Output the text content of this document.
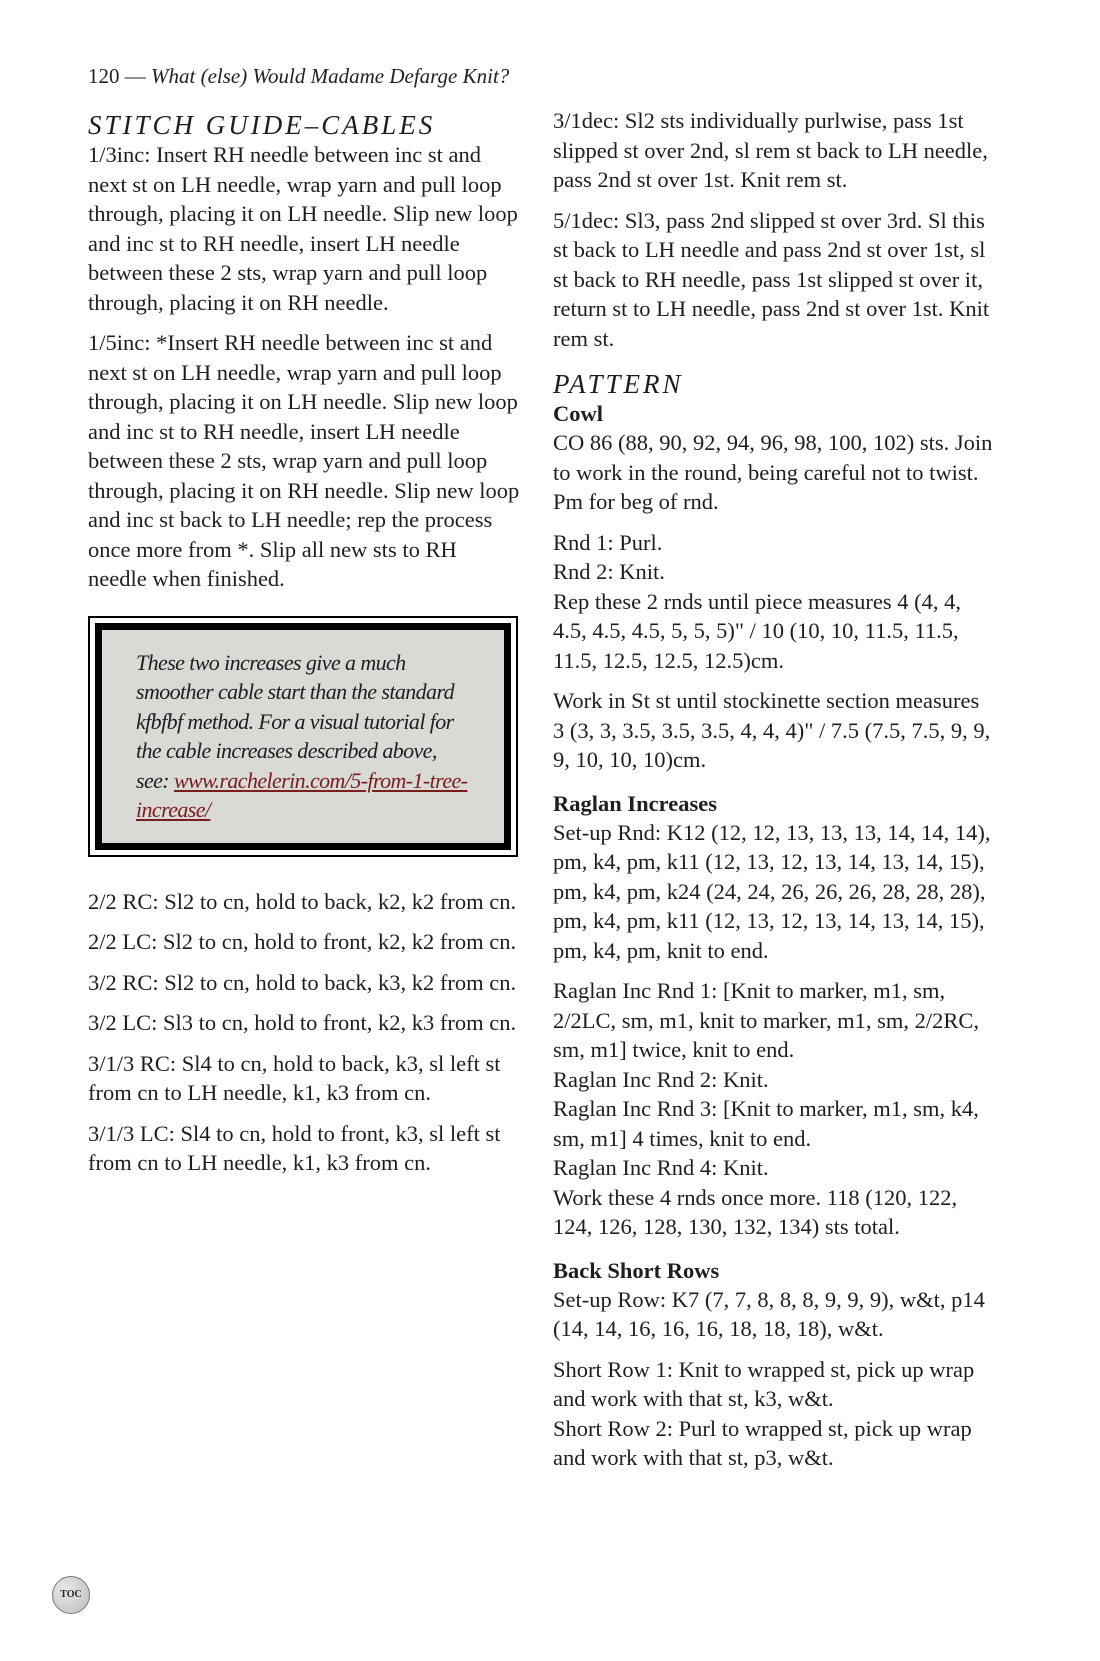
120 — What (else) Would Madame Defarge Knit?
STITCH GUIDE–CABLES

1/3inc: Insert RH needle between inc st and next st on LH needle, wrap yarn and pull loop through, placing it on LH needle. Slip new loop and inc st to RH needle, insert LH needle between these 2 sts, wrap yarn and pull loop through, placing it on RH needle.

1/5inc: *Insert RH needle between inc st and next st on LH needle, wrap yarn and pull loop through, placing it on LH needle. Slip new loop and inc st to RH needle, insert LH needle between these 2 sts, wrap yarn and pull loop through, placing it on RH needle. Slip new loop and inc st back to LH needle; rep the process once more from *. Slip all new sts to RH needle when finished.

These two increases give a much smoother cable start than the standard kfbfbf method. For a visual tutorial for the cable increases described above, see: www.rachelerin.com/5-from-1-tree-increase/

2/2 RC: Sl2 to cn, hold to back, k2, k2 from cn.

2/2 LC: Sl2 to cn, hold to front, k2, k2 from cn.

3/2 RC: Sl2 to cn, hold to back, k3, k2 from cn.

3/2 LC: Sl3 to cn, hold to front, k2, k3 from cn.

3/1/3 RC: Sl4 to cn, hold to back, k3, sl left st from cn to LH needle, k1, k3 from cn.

3/1/3 LC: Sl4 to cn, hold to front, k3, sl left st from cn to LH needle, k1, k3 from cn.

3/1dec: Sl2 sts individually purlwise, pass 1st slipped st over 2nd, sl rem st back to LH needle, pass 2nd st over 1st. Knit rem st.

5/1dec: Sl3, pass 2nd slipped st over 3rd. Sl this st back to LH needle and pass 2nd st over 1st, sl st back to RH needle, pass 1st slipped st over it, return st to LH needle, pass 2nd st over 1st. Knit rem st.

PATTERN
Cowl

CO 86 (88, 90, 92, 94, 96, 98, 100, 102) sts. Join to work in the round, being careful not to twist. Pm for beg of rnd.

Rnd 1: Purl.
Rnd 2: Knit.
Rep these 2 rnds until piece measures 4 (4, 4, 4.5, 4.5, 4.5, 5, 5, 5)" / 10 (10, 10, 11.5, 11.5, 11.5, 12.5, 12.5, 12.5)cm.

Work in St st until stockinette section measures 3 (3, 3, 3.5, 3.5, 3.5, 4, 4, 4)" / 7.5 (7.5, 7.5, 9, 9, 9, 10, 10, 10)cm.

Raglan Increases

Set-up Rnd: K12 (12, 12, 13, 13, 13, 14, 14, 14), pm, k4, pm, k11 (12, 13, 12, 13, 14, 13, 14, 15), pm, k4, pm, k24 (24, 24, 26, 26, 26, 28, 28, 28), pm, k4, pm, k11 (12, 13, 12, 13, 14, 13, 14, 15), pm, k4, pm, knit to end.

Raglan Inc Rnd 1: [Knit to marker, m1, sm, 2/2LC, sm, m1, knit to marker, m1, sm, 2/2RC, sm, m1] twice, knit to end.
Raglan Inc Rnd 2: Knit.
Raglan Inc Rnd 3: [Knit to marker, m1, sm, k4, sm, m1] 4 times, knit to end.
Raglan Inc Rnd 4: Knit.
Work these 4 rnds once more. 118 (120, 122, 124, 126, 128, 130, 132, 134) sts total.
Back Short Rows

Set-up Row: K7 (7, 7, 8, 8, 8, 9, 9, 9), w&t, p14 (14, 14, 16, 16, 16, 18, 18, 18), w&t.

Short Row 1: Knit to wrapped st, pick up wrap and work with that st, k3, w&t.
Short Row 2: Purl to wrapped st, pick up wrap and work with that st, p3, w&t.
TOC
